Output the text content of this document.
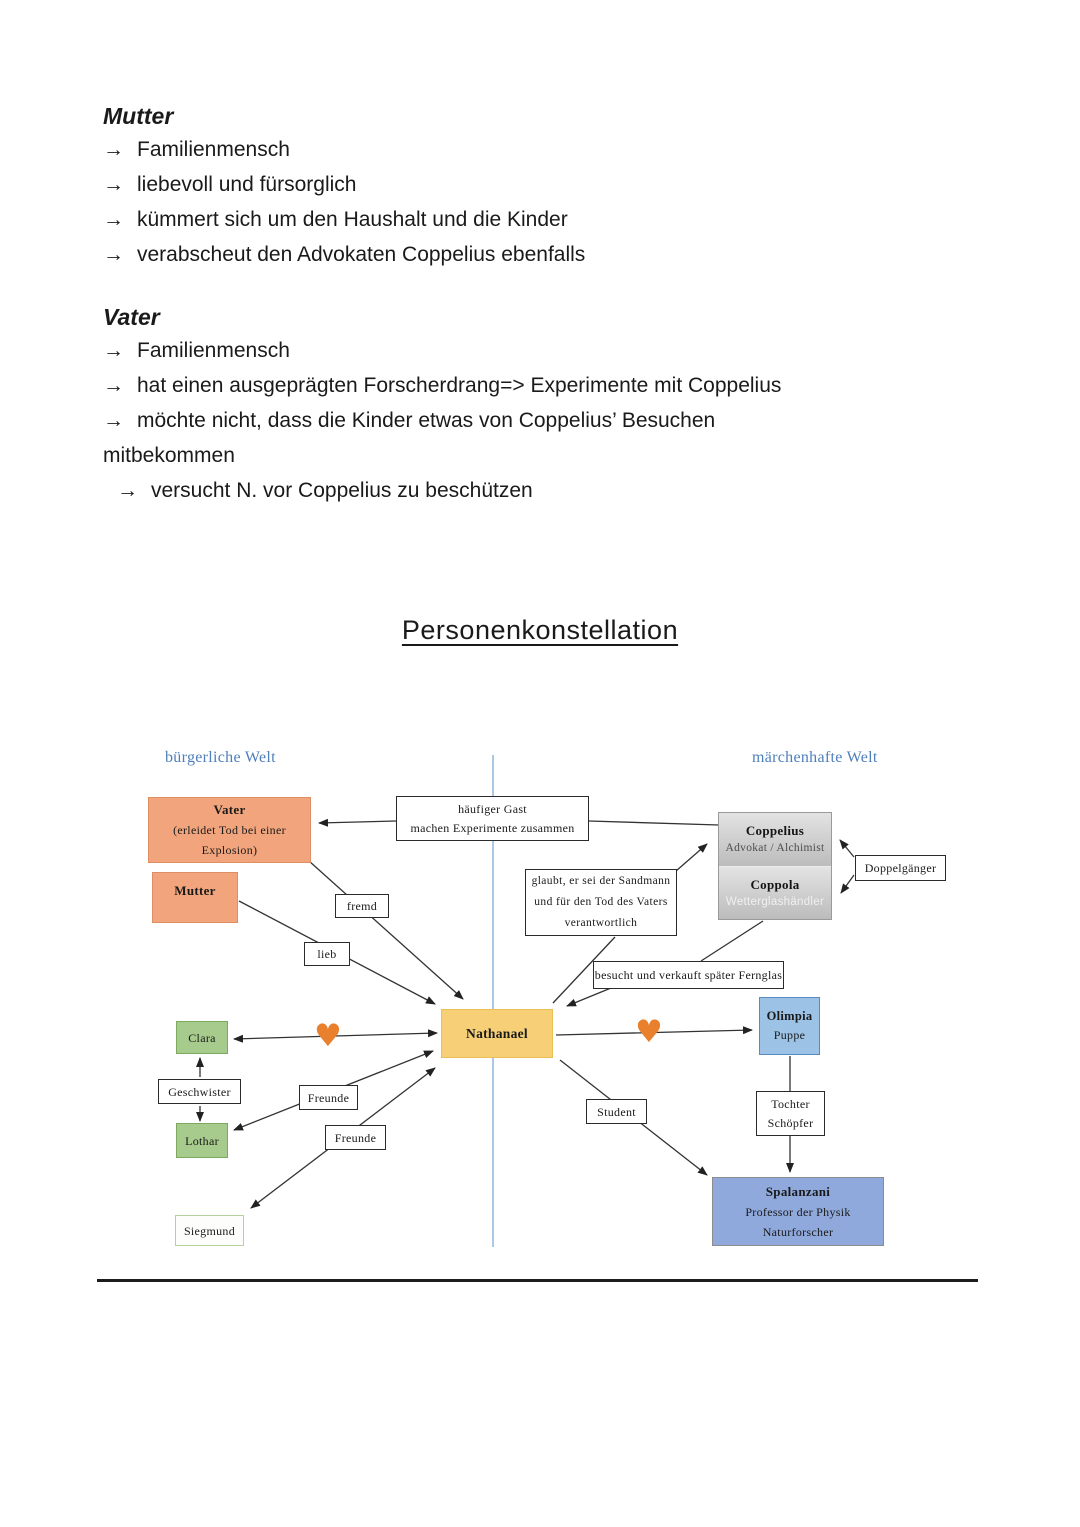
Mutter
→ Familienmensch
→ liebevoll und fürsorglich
→ kümmert sich um den Haushalt und die Kinder
→ verabscheut den Advokaten Coppelius ebenfalls
Vater
→ Familienmensch
→ hat einen ausgeprägten Forscherdrang=> Experimente mit Coppelius
→ möchte nicht, dass die Kinder etwas von Coppelius’ Besuchen
mitbekommen
→ versucht N. vor Coppelius zu beschützen
Personenkonstellation
bürgerliche Welt	märchenhafte Welt
Vater
(erleidet Tod bei einer
Explosion)
Mutter
häufiger Gast
machen Experimente zusammen	Coppelius
Advokat / Alchimist
Coppola
Wetterglashändler
Doppelgänger
glaubt, er sei der Sandmann
und für den Tod des Vaters
verantwortlich
fremd
lieb
besucht und verkauft später Fernglas
Nathanael
Clara
Geschwister
Lothar
Freunde
Freunde
Siegmund
Student
Olimpia
Puppe
Tochter
Schöpfer
Spalanzani
Professor der Physik
Naturforscher
♥	♥
